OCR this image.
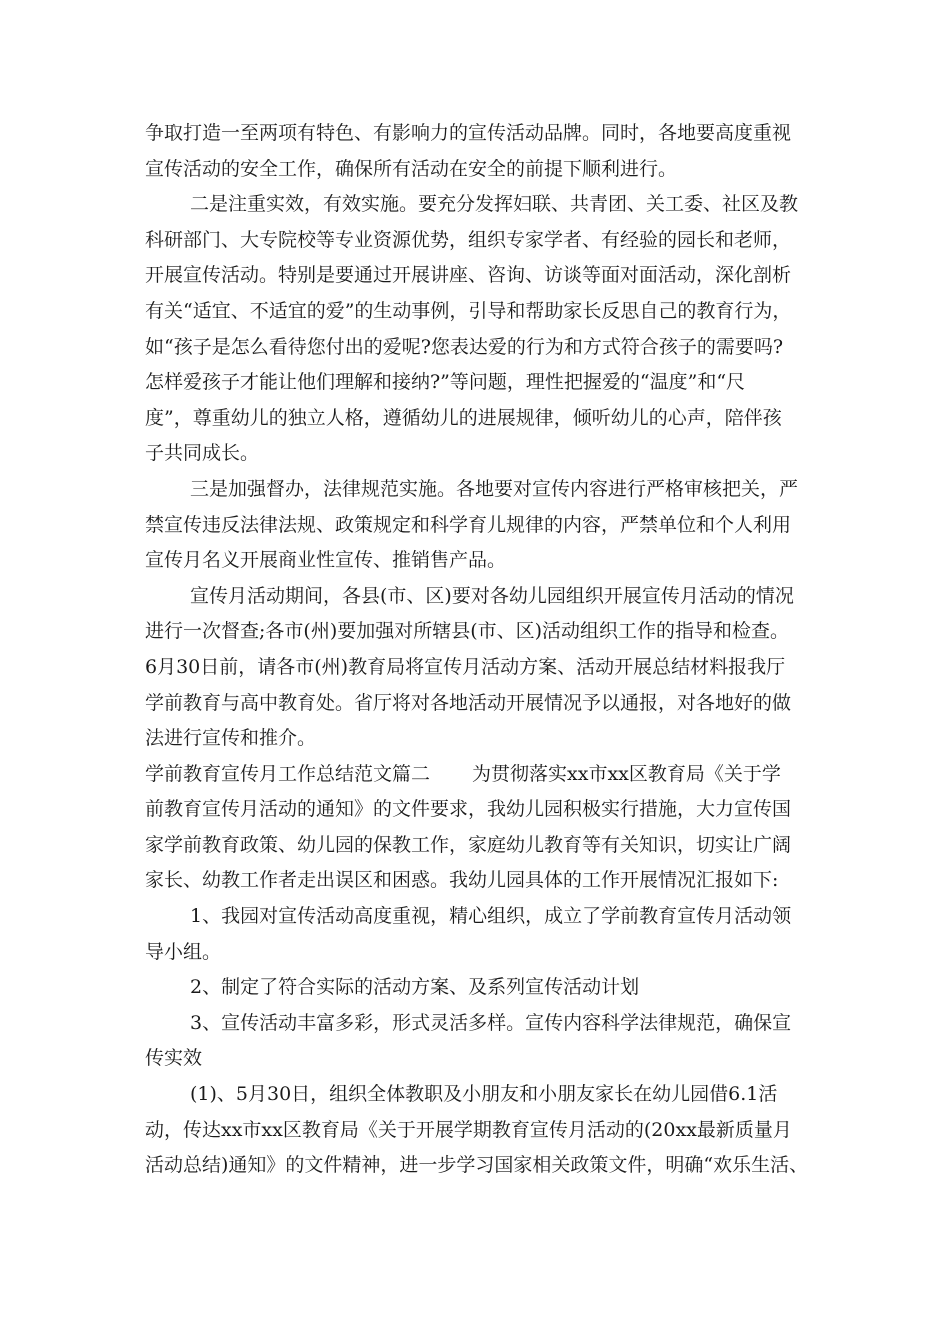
争取打造一至两项有特色、有影响力的宣传活动品牌。同时，各地要高度重视
宣传活动的安全工作，确保所有活动在安全的前提下顺利进行。
二是注重实效，有效实施。要充分发挥妇联、共青团、关工委、社区及教
科研部门、大专院校等专业资源优势，组织专家学者、有经验的园长和老师，
开展宣传活动。特别是要通过开展讲座、咨询、访谈等面对面活动，深化剖析
有关“适宜、不适宜的爱”的生动事例，引导和帮助家长反思自己的教育行为，
如“孩子是怎么看待您付出的爱呢?您表达爱的行为和方式符合孩子的需要吗?
怎样爱孩子才能让他们理解和接纳?”等问题，理性把握爱的“温度”和“尺
度”，尊重幼儿的独立人格，遵循幼儿的进展规律，倾听幼儿的心声，陪伴孩
子共同成长。
三是加强督办，法律规范实施。各地要对宣传内容进行严格审核把关，严
禁宣传违反法律法规、政策规定和科学育儿规律的内容，严禁单位和个人利用
宣传月名义开展商业性宣传、推销售产品。
宣传月活动期间，各县(市、区)要对各幼儿园组织开展宣传月活动的情况
进行一次督查;各市(州)要加强对所辖县(市、区)活动组织工作的指导和检查。
6月30日前，请各市(州)教育局将宣传月活动方案、活动开展总结材料报我厅
学前教育与高中教育处。省厅将对各地活动开展情况予以通报，对各地好的做
法进行宣传和推介。
学前教育宣传月工作总结范文篇二 为贯彻落实xx市xx区教育局《关于学
前教育宣传月活动的通知》的文件要求，我幼儿园积极实行措施，大力宣传国
家学前教育政策、幼儿园的保教工作，家庭幼儿教育等有关知识，切实让广阔
家长、幼教工作者走出误区和困惑。我幼儿园具体的工作开展情况汇报如下:
1、我园对宣传活动高度重视，精心组织，成立了学前教育宣传月活动领
导小组。
2、制定了符合实际的活动方案、及系列宣传活动计划
3、宣传活动丰富多彩，形式灵活多样。宣传内容科学法律规范，确保宣
传实效
(1)、5月30日，组织全体教职及小朋友和小朋友家长在幼儿园借6.1活
动，传达xx市xx区教育局《关于开展学期教育宣传月活动的(20xx最新质量月
活动总结)通知》的文件精神，进一步学习国家相关政策文件，明确“欢乐生活、
